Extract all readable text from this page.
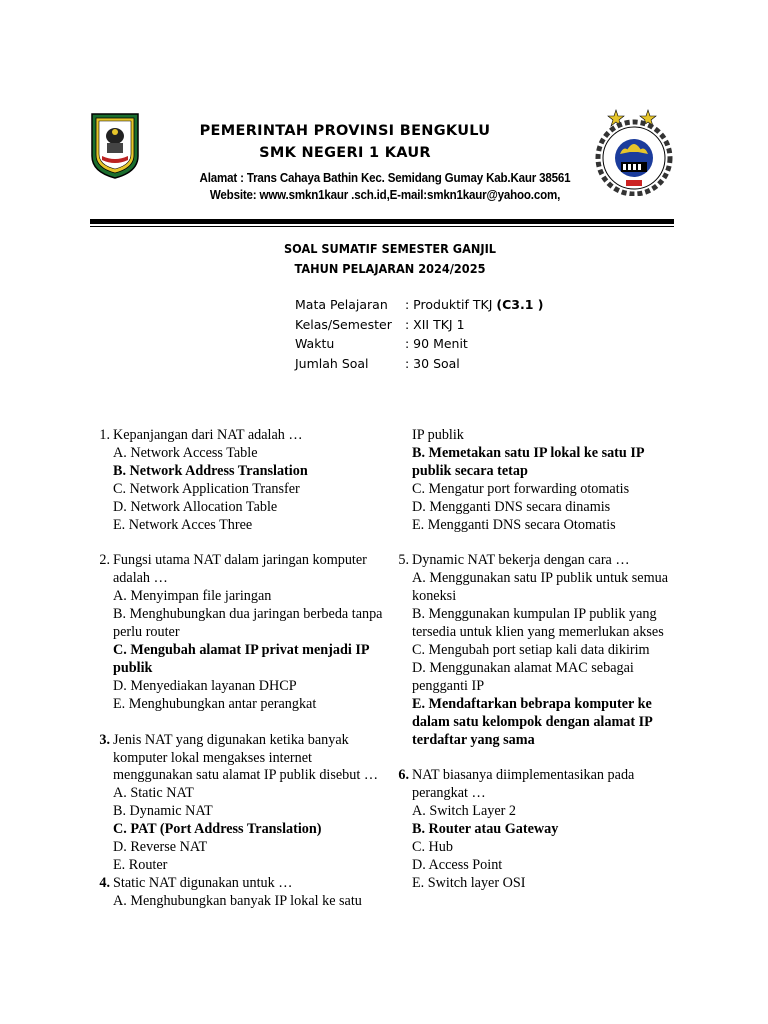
PEMERINTAH PROVINSI BENGKULU
SMK NEGERI 1 KAUR
Alamat : Trans Cahaya Bathin Kec. Semidang Gumay Kab.Kaur 38561
Website: www.smkn1kaur .sch.id,E-mail:smkn1kaur@yahoo.com,
SOAL SUMATIF SEMESTER GANJIL
TAHUN PELAJARAN 2024/2025
Mata Pelajaran : Produktif TKJ (C3.1 )
Kelas/Semester : XII TKJ 1
Waktu	: 90 Menit
Jumlah Soal	: 30 Soal
1. Kepanjangan dari NAT adalah …
A. Network Access Table
B. Network Address Translation
C. Network Application Transfer
D. Network Allocation Table
E. Network Acces Three
2. Fungsi utama NAT dalam jaringan komputer adalah …
A. Menyimpan file jaringan
B. Menghubungkan dua jaringan berbeda tanpa perlu router
C. Mengubah alamat IP privat menjadi IP publik
D. Menyediakan layanan DHCP
E. Menghubungkan antar perangkat
3. Jenis NAT yang digunakan ketika banyak komputer lokal mengakses internet menggunakan satu alamat IP publik disebut …
A. Static NAT
B. Dynamic NAT
C. PAT (Port Address Translation)
D. Reverse NAT
E. Router
4. Static NAT digunakan untuk …
A. Menghubungkan banyak IP lokal ke satu
IP publik
B. Memetakan satu IP lokal ke satu IP publik secara tetap
C. Mengatur port forwarding otomatis
D. Mengganti DNS secara dinamis
E. Mengganti DNS secara Otomatis
5. Dynamic NAT bekerja dengan cara …
A. Menggunakan satu IP publik untuk semua koneksi
B. Menggunakan kumpulan IP publik yang tersedia untuk klien yang memerlukan akses
C. Mengubah port setiap kali data dikirim
D. Menggunakan alamat MAC sebagai pengganti IP
E. Mendaftarkan bebrapa komputer ke dalam satu kelompok dengan alamat IP terdaftar yang sama
6. NAT biasanya diimplementasikan pada perangkat …
A. Switch Layer 2
B. Router atau Gateway
C. Hub
D. Access Point
E. Switch layer OSI
